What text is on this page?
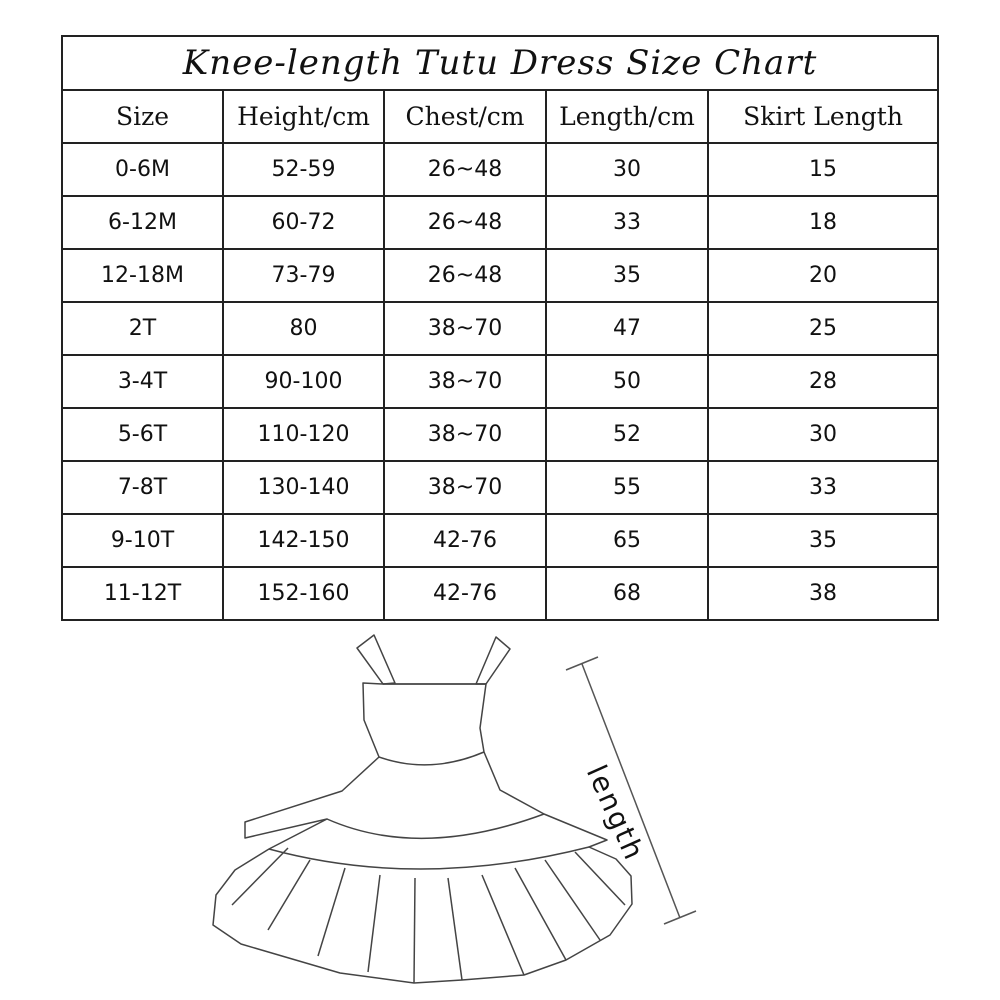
Knee-length Tutu Dress Size Chart				
Size	Height/cm	Chest/cm	Length/cm	Skirt Length
0-6M	52-59	26~48	30	15
6-12M	60-72	26~48	33	18
12-18M	73-79	26~48	35	20
2T	80	38~70	47	25
3-4T	90-100	38~70	50	28
5-6T	110-120	38~70	52	30
7-8T	130-140	38~70	55	33
9-10T	142-150	42-76	65	35
11-12T	152-160	42-76	68	38
length
